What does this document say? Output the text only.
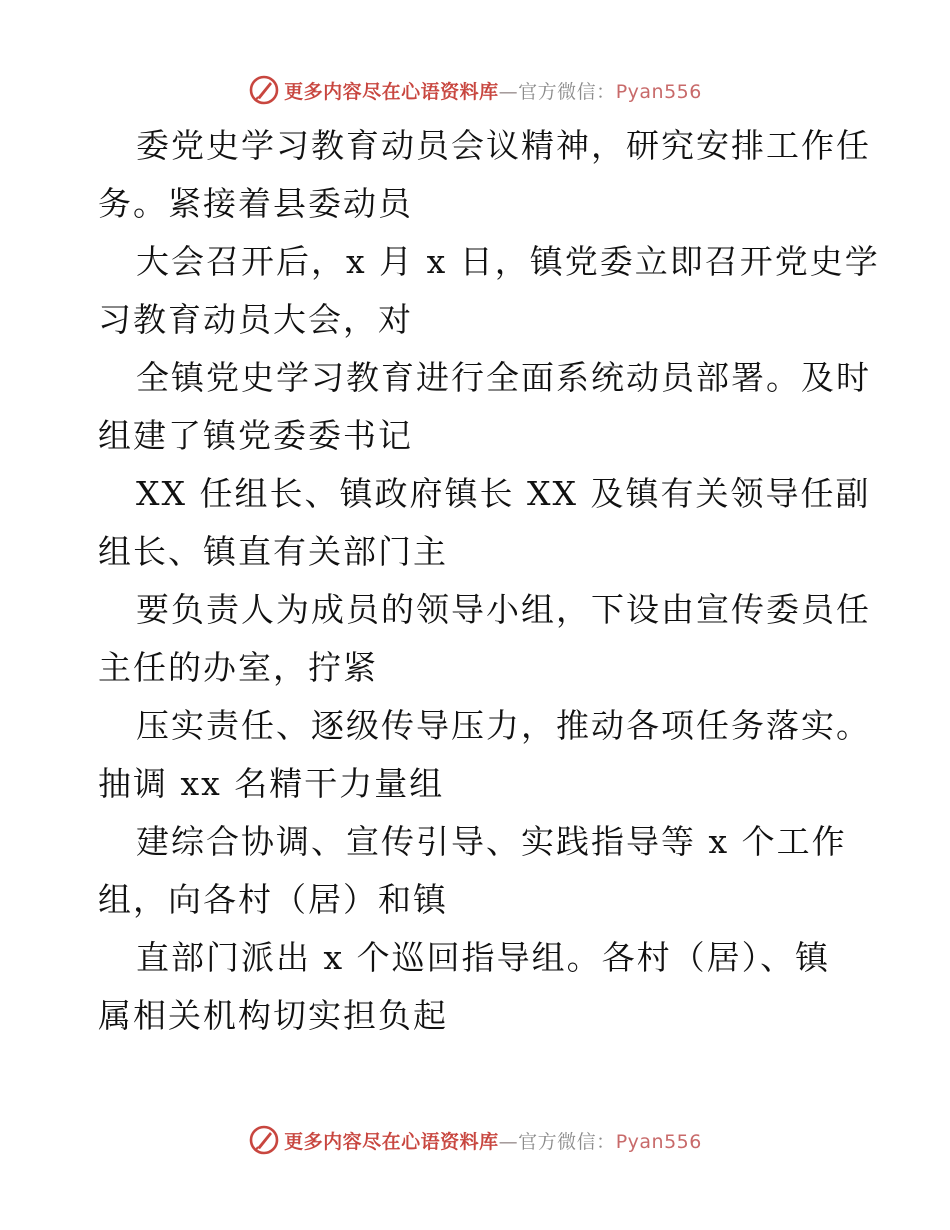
更多内容尽在心语资料库—官方微信：Pyan556
委党史学习教育动员会议精神，研究安排工作任
务。紧接着县委动员
大会召开后，x 月 x 日，镇党委立即召开党史学
习教育动员大会，对
全镇党史学习教育进行全面系统动员部署。及时
组建了镇党委委书记
XX 任组长、镇政府镇长 XX 及镇有关领导任副
组长、镇直有关部门主
要负责人为成员的领导小组，下设由宣传委员任
主任的办室，拧紧
压实责任、逐级传导压力，推动各项任务落实。
抽调 xx 名精干力量组
建综合协调、宣传引导、实践指导等 x 个工作
组，向各村（居）和镇
直部门派出 x 个巡回指导组。各村（居）、镇
属相关机构切实担负起
更多内容尽在心语资料库—官方微信：Pyan556
